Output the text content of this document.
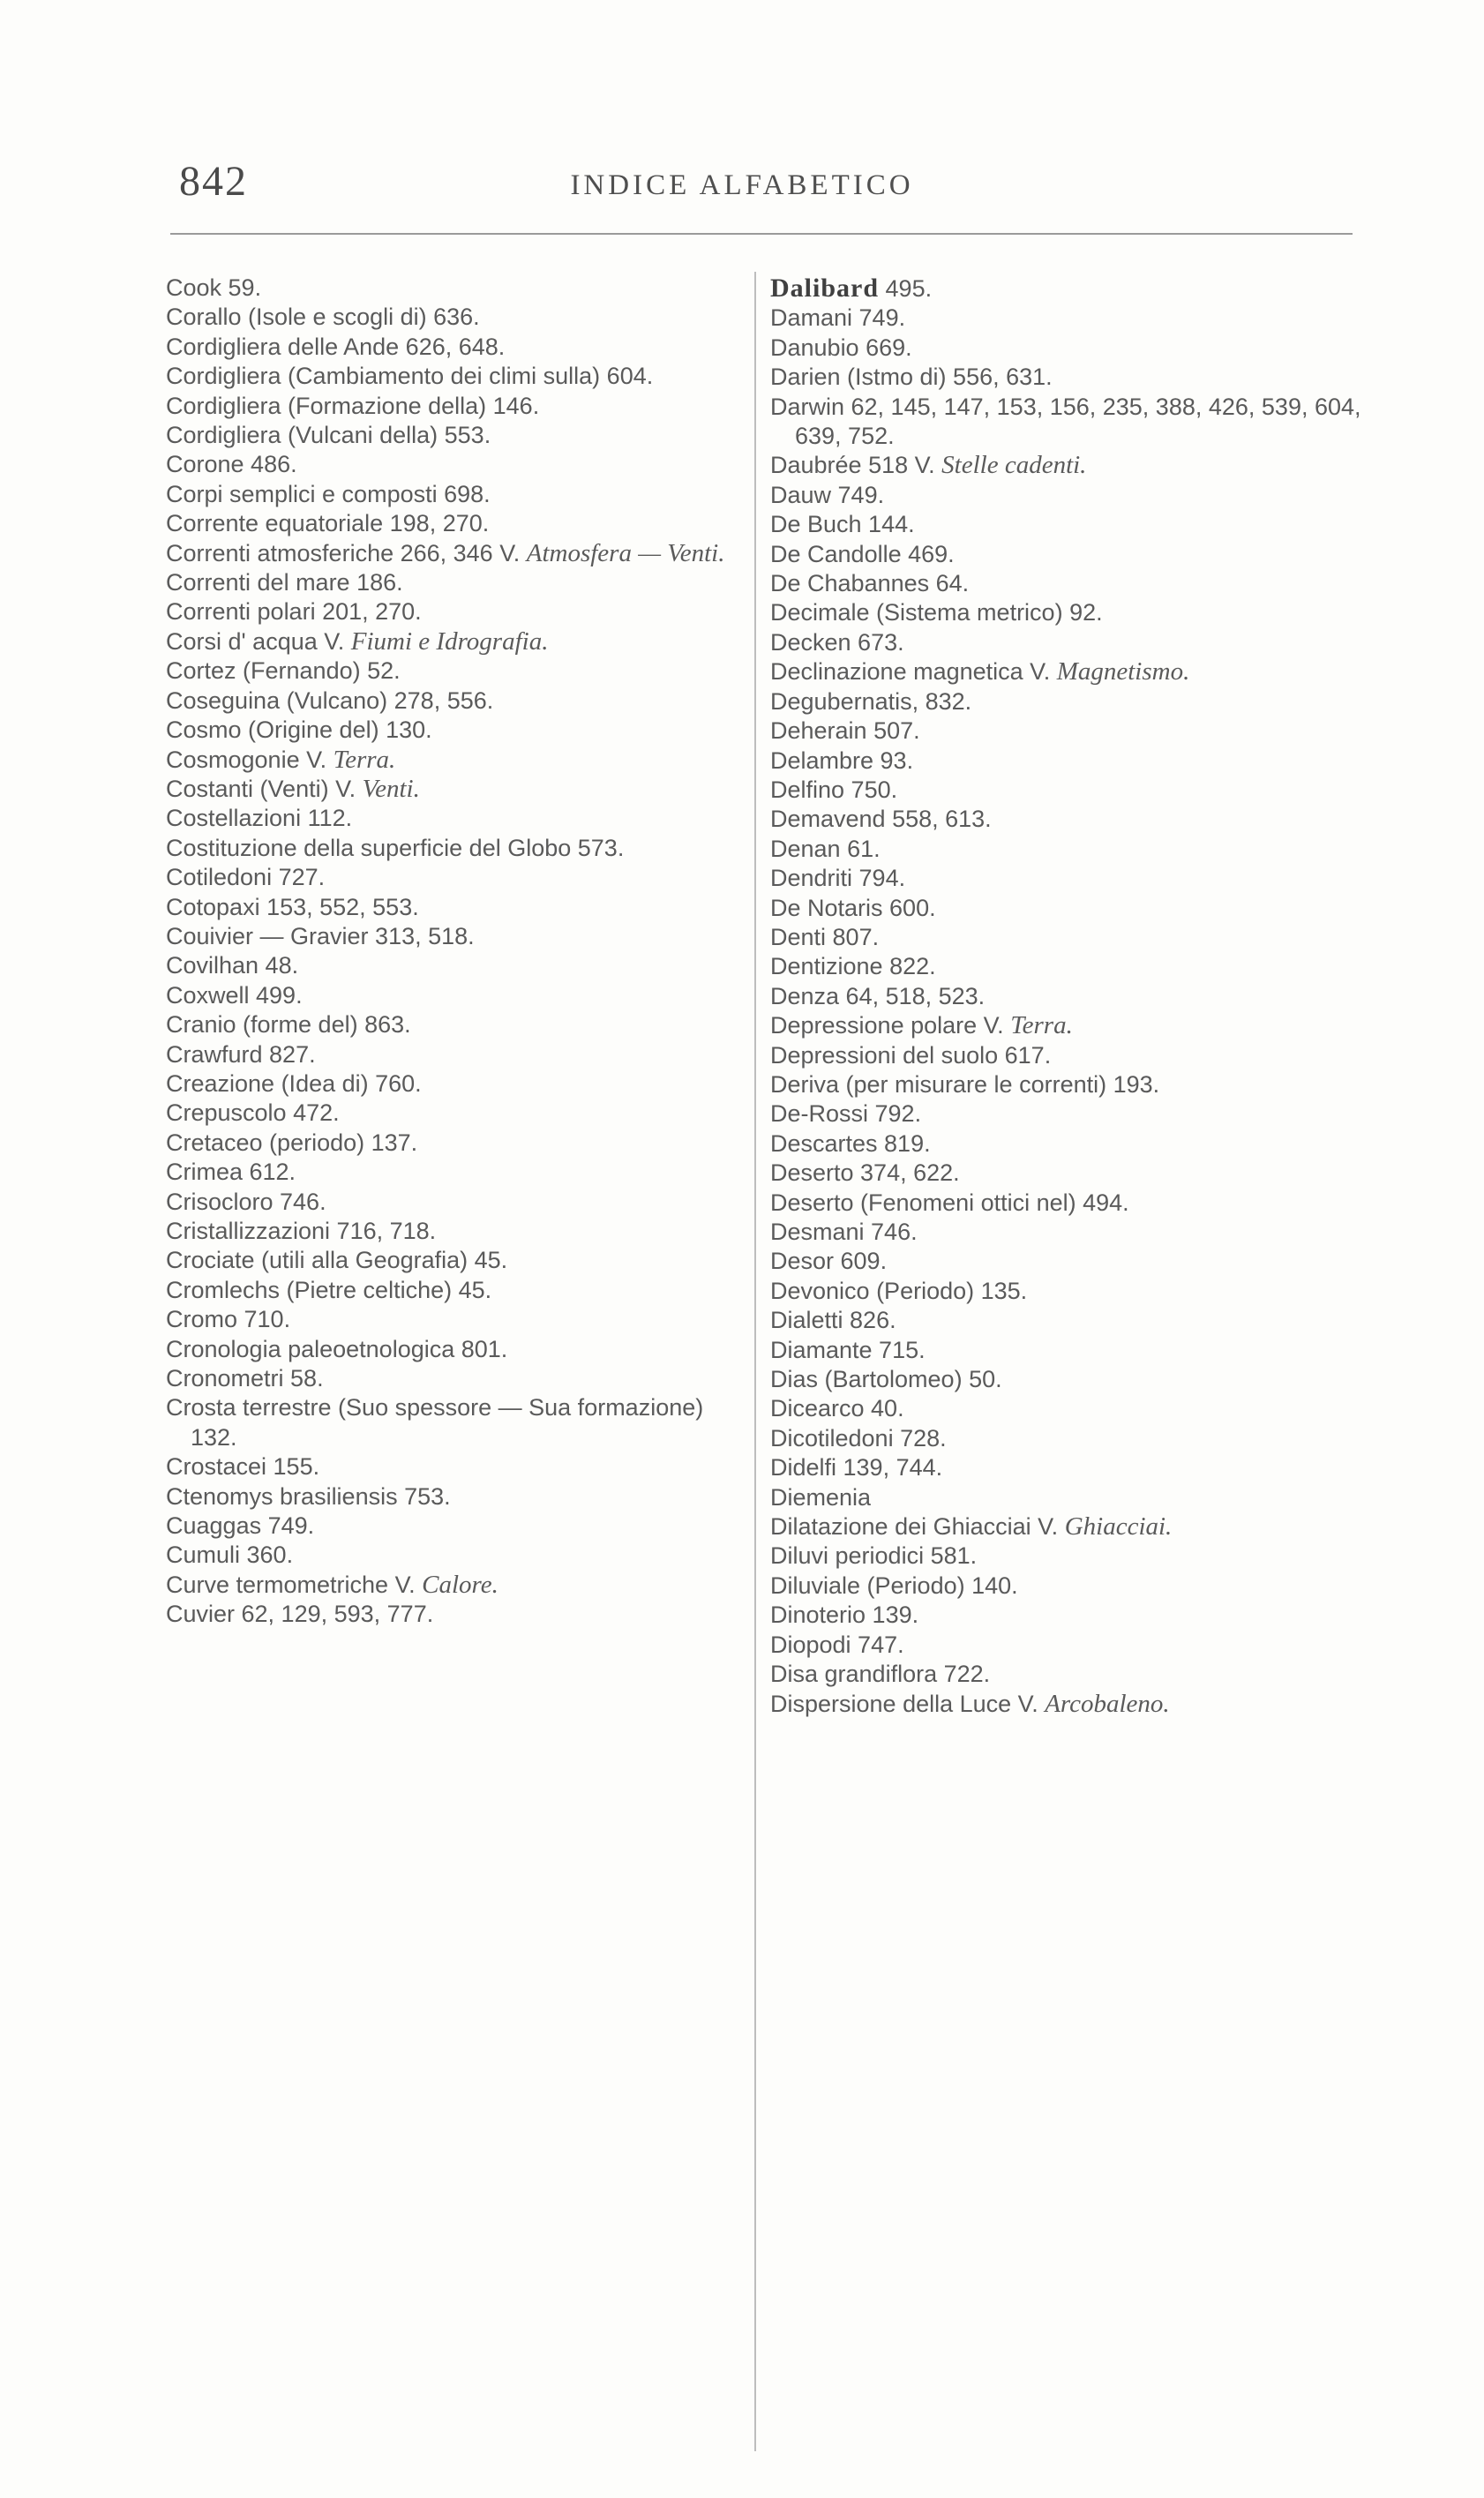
842	INDICE ALFABETICO

Cook 59.

Corallo (Isole e scogli di) 636.

Cordigliera delle Ande 626, 648.

Cordigliera (Cambiamento dei climi sulla) 604.

Cordigliera (Formazione della) 146.

Cordigliera (Vulcani della) 553.

Corone 486.

Corpi semplici e composti 698.

Corrente equatoriale 198, 270.

Correnti atmosferiche 266, 346 V. Atmosfera — Venti.

Correnti del mare 186.

Correnti polari 201, 270.

Corsi d' acqua V. Fiumi e Idrografia.

Cortez (Fernando) 52.

Coseguina (Vulcano) 278, 556.

Cosmo (Origine del) 130.

Cosmogonie V. Terra.

Costanti (Venti) V. Venti.

Costellazioni 112.

Costituzione della superficie del Globo 573.

Cotiledoni 727.

Cotopaxi 153, 552, 553.

Couivier — Gravier 313, 518.

Covilhan 48.

Coxwell 499.

Cranio (forme del) 863.

Crawfurd 827.

Creazione (Idea di) 760.

Crepuscolo 472.

Cretaceo (periodo) 137.

Crimea 612.

Crisocloro 746.

Cristallizzazioni 716, 718.

Crociate (utili alla Geografia) 45.

Cromlechs (Pietre celtiche) 45.

Cromo 710.

Cronologia paleoetnologica 801.

Cronometri 58.

Crosta terrestre (Suo spessore — Sua formazione) 132.

Crostacei 155.

Ctenomys brasiliensis 753.

Cuaggas 749.

Cumuli 360.

Curve termometriche V. Calore.

Cuvier 62, 129, 593, 777.

Dalibard 495.

Damani 749.

Danubio 669.

Darien (Istmo di) 556, 631.

Darwin 62, 145, 147, 153, 156, 235, 388, 426, 539, 604, 639, 752.

Daubrée 518 V. Stelle cadenti.

Dauw 749.

De Buch 144.

De Candolle 469.

De Chabannes 64.

Decimale (Sistema metrico) 92.

Decken 673.

Declinazione magnetica V. Magnetismo.

Degubernatis, 832.

Deherain 507.

Delambre 93.

Delfino 750.

Demavend 558, 613.

Denan 61.

Dendriti 794.

De Notaris 600.

Denti 807.

Dentizione 822.

Denza 64, 518, 523.

Depressione polare V. Terra.

Depressioni del suolo 617.

Deriva (per misurare le correnti) 193.

De-Rossi 792.

Descartes 819.

Deserto 374, 622.

Deserto (Fenomeni ottici nel) 494.

Desmani 746.

Desor 609.

Devonico (Periodo) 135.

Dialetti 826.

Diamante 715.

Dias (Bartolomeo) 50.

Dicearco 40.

Dicotiledoni 728.

Didelfi 139, 744.

Diemenia

Dilatazione dei Ghiacciai V. Ghiacciai.

Diluvi periodici 581.

Diluviale (Periodo) 140.

Dinoterio 139.

Diopodi 747.

Disa grandiflora 722.

Dispersione della Luce V. Arcobaleno.
